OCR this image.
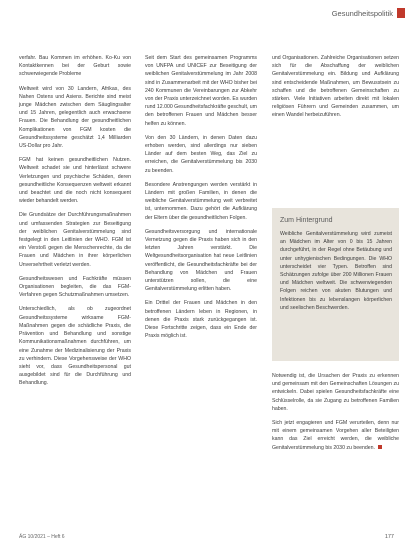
Gesundheitspolitik

verfahr. Bau Kommen im erhöhen. Ko-Ku von Kontaktkennen bei der Geburt sowie schwerwiegende Probleme

Weltweit wird von 30 Landern, Afrikas, des Nahen Ostens und Asiens. Berichte sind meist junge Mädchen zwischen dem Säuglingsalter und 15 Jahren, gelegentlich auch erwachsene Frauen. Die Behandlung der gesundheitlichen Komplikationen von FGM kosten die Gesundheitssysteme geschätzt 1,4 Milliarden US-Dollar pro Jahr.

FGM hat keinen gesundheitlichen Nutzen. Weltweit schadet sie und hinterlässt schwere Verletzungen und psychische Schäden, deren gesundheitliche Konsequenzen weltweit erkannt und beachtet und die noch nicht konsequent wieder behandelt werden.

Die Grundsätze der Durchführungsmaßnahmen und umfassenden Strategien zur Beseitigung der weiblichen Genitalverstümmelung sind festgelegt in den Leitlinien der WHO. FGM ist ein Verstoß gegen die Menschenrechte, da die Frauen und Mädchen in ihrer körperlichen Unversehrtheit verletzt werden.

Gesundheitswesen und Fachkräfte müssen Organisationen begleiten, die das FGM-Verfahren gegen Schutzmaßnahmen umsetzen.

Unterschiedlich, als ob zugeordnet Gesundheitssysteme wirksame FGM-Maßnahmen gegen die schädliche Praxis, die Prävention und Behandlung und sonstige Kommunikationsmaßnahmen durchführen, um eine Zunahme der Medizinalisierung der Praxis zu verhindern. Diese Vorgehensweise der WHO sieht vor, dass Gesundheitspersonal gut ausgebildet sind für die Durchführung und Behandlung.

Seit dem Start des gemeinsamen Programms von UNFPA und UNICEF zur Beseitigung der weiblichen Genitalverstümmelung im Jahr 2008 sind in Zusammenarbeit mit der WHO bisher bei 240 Kommunen die Vereinbarungen zur Abkehr von der Praxis unterzeichnet worden. Es wurden rund 12.000 Gesundheitsfachkräfte geschult, um den betroffenen Frauen und Mädchen besser helfen zu können.

Von den 30 Ländern, in denen Daten dazu erhoben werden, sind allerdings nur sieben Länder auf dem besten Weg, das Ziel zu erreichen, die Genitalverstümmelung bis 2030 zu beenden.

Besondere Anstrengungen werden verstärkt in Ländern mit großen Familien, in denen die weibliche Genitalverstümmelung weit verbreitet ist, unternommen. Dazu gehört die Aufklärung der Eltern über die gesundheitlichen Folgen.

Gesundheitsversorgung und internationale Vernetzung gegen die Praxis haben sich in den letzten Jahren verstärkt. Die Weltgesundheitsorganisation hat neue Leitlinien veröffentlicht, die Gesundheitsfachkräfte bei der Behandlung von Mädchen und Frauen unterstützen sollen, die eine Genitalverstümmelung erlitten haben.

Ein Drittel der Frauen und Mädchen in den betroffenen Ländern leben in Regionen, in denen die Praxis stark zurückgegangen ist. Diese Fortschritte zeigen, dass ein Ende der Praxis möglich ist.

und Organisationen. Zahlreiche Organisationen setzen sich für die Abschaffung der weiblichen Genitalverstümmelung ein. Bildung und Aufklärung sind entscheidende Maßnahmen, um Bewusstsein zu schaffen und die betroffenen Gemeinschaften zu stärken. Viele Initiativen arbeiten direkt mit lokalen religiösen Führern und Gemeinden zusammen, um einen Wandel herbeizuführen.

Zum Hintergrund
Weibliche Genitalverstümmelung wird zumeist an Mädchen im Alter von 0 bis 15 Jahren durchgeführt, in der Regel ohne Betäubung und unter unhygienischen Bedingungen. Die WHO unterscheidet vier Typen. Betroffen sind Schätzungen zufolge über 200 Millionen Frauen und Mädchen weltweit. Die schwerwiegenden Folgen reichen von akuten Blutungen und Infektionen bis zu lebenslangen körperlichen und seelischen Beschwerden.

Notwendig ist, die Ursachen der Praxis zu erkennen und gemeinsam mit den Gemeinschaften Lösungen zu entwickeln. Dabei spielen Gesundheitsfachkräfte eine Schlüsselrolle, da sie Zugang zu betroffenen Familien haben.

Sich jetzt engagieren und FGM verurteilen, denn nur mit einem gemeinsamen Vorgehen aller Beteiligten kann das Ziel erreicht werden, die weibliche Genitalverstümmelung bis 2030 zu beenden.

ÄG 10/2021 – Heft 6	177
